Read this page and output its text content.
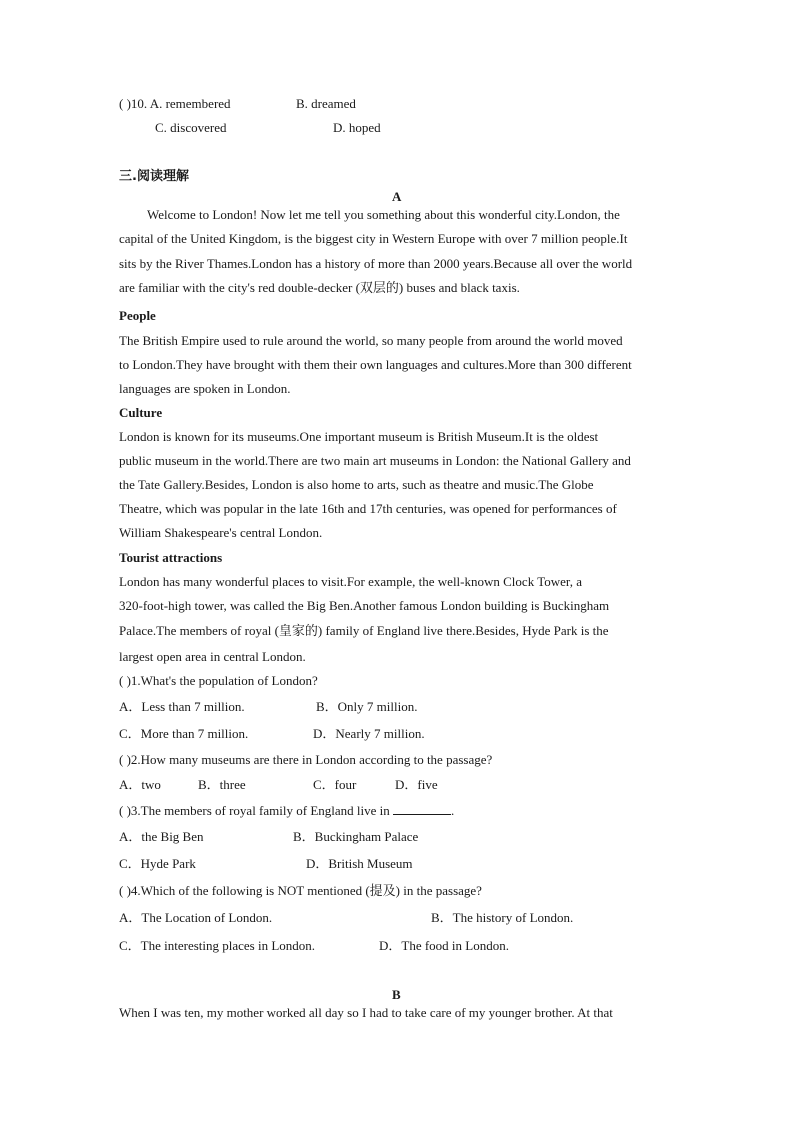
( )10. A. remembered	B. dreamed
C. discovered	D. hoped
三.阅读理解
A
Welcome to London! Now let me tell you something about this wonderful city.London, the
capital of the United Kingdom, is the biggest city in Western Europe with over 7 million people.It
sits by the River Thames.London has a history of more than 2000 years.Because all over the world
are familiar with the city's red double-decker (双层的) buses and black taxis.
People
The British Empire used to rule around the world, so many people from around the world moved
to London.They have brought with them their own languages and cultures.More than 300 different
languages are spoken in London.
Culture
London is known for its museums.One important museum is British Museum.It is the oldest
public museum in the world.There are two main art museums in London: the National Gallery and
the Tate Gallery.Besides, London is also home to arts, such as theatre and music.The Globe
Theatre, which was popular in the late 16th and 17th centuries, was opened for performances of
William Shakespeare's central London.
Tourist attractions
London has many wonderful places to visit.For example, the well-known Clock Tower, a
320-foot-high tower, was called the Big Ben.Another famous London building is Buckingham
Palace.The members of royal (皇家的) family of England live there.Besides, Hyde Park is the
largest open area in central London.
( )1.What's the population of London?
A．Less than 7 million.	B．Only 7 million.
C．More than 7 million.	D．Nearly 7 million.
( )2.How many museums are there in London according to the passage?
A．two	B．three	C．four	D．five
( )3.The members of royal family of England live in	.
A．the Big Ben	B．Buckingham Palace
C．Hyde Park	D．British Museum
( )4.Which of the following is NOT mentioned (提及) in the passage?
A．The Location of London.	B．The history of London.
C．The interesting places in London.	D．The food in London.
B
When I was ten, my mother worked all day so I had to take care of my younger brother. At that
